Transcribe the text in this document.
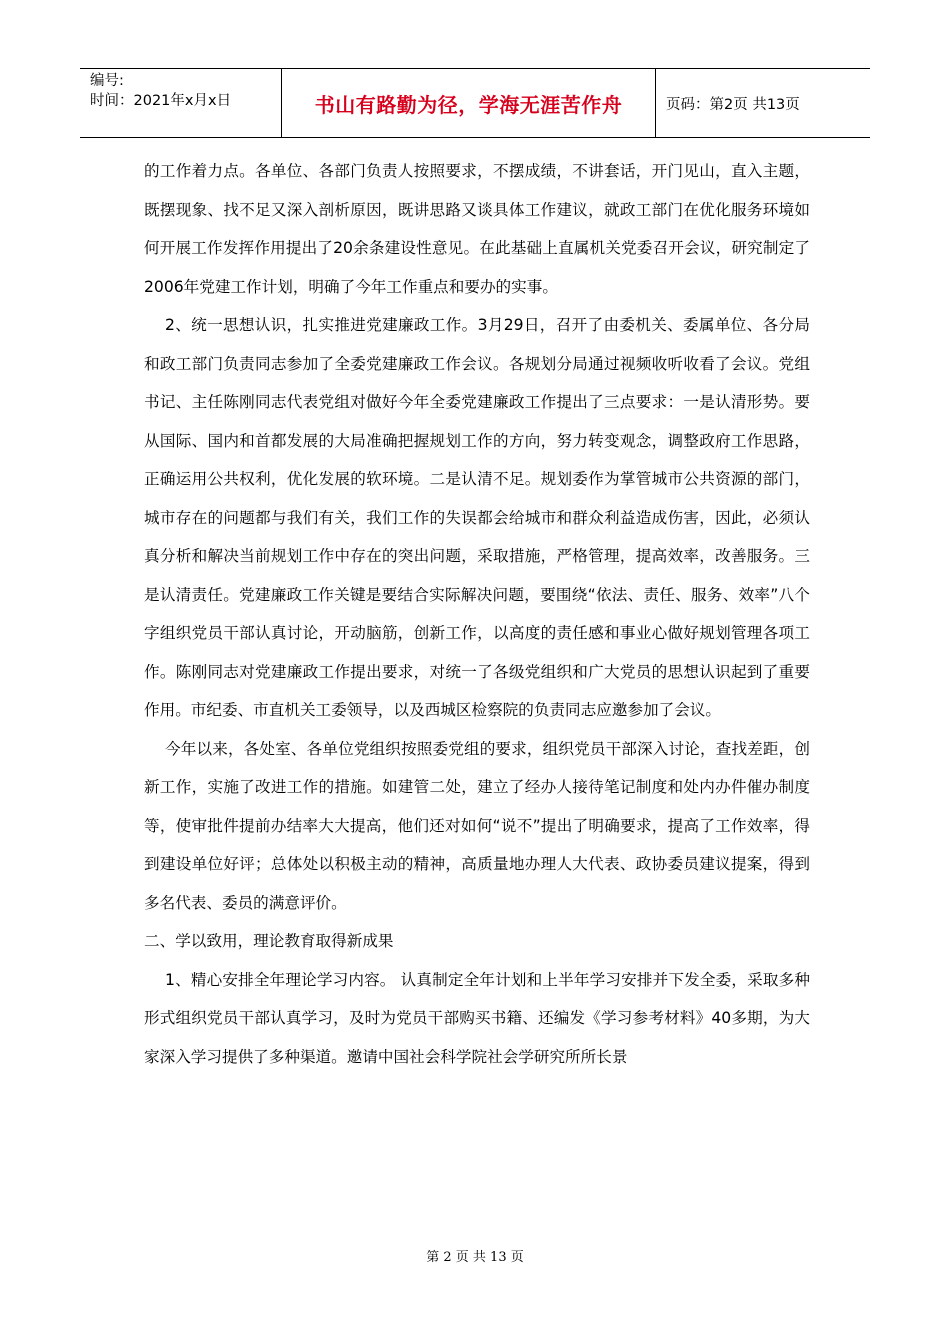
编号:
时间：2021年x月x日	书山有路勤为径，学海无涯苦作舟	页码：第2页 共13页

的工作着力点。各单位、各部门负责人按照要求，不摆成绩，不讲套话，开门见山，直入主题，既摆现象、找不足又深入剖析原因，既讲思路又谈具体工作建议，就政工部门在优化服务环境如何开展工作发挥作用提出了20余条建设性意见。在此基础上直属机关党委召开会议，研究制定了2006年党建工作计划，明确了今年工作重点和要办的实事。

2、统一思想认识，扎实推进党建廉政工作。3月29日，召开了由委机关、委属单位、各分局和政工部门负责同志参加了全委党建廉政工作会议。各规划分局通过视频收听收看了会议。党组书记、主任陈刚同志代表党组对做好今年全委党建廉政工作提出了三点要求：一是认清形势。要从国际、国内和首都发展的大局准确把握规划工作的方向，努力转变观念，调整政府工作思路，正确运用公共权利，优化发展的软环境。二是认清不足。规划委作为掌管城市公共资源的部门，城市存在的问题都与我们有关，我们工作的失误都会给城市和群众利益造成伤害，因此，必须认真分析和解决当前规划工作中存在的突出问题，采取措施，严格管理，提高效率，改善服务。三是认清责任。党建廉政工作关键是要结合实际解决问题，要围绕“依法、责任、服务、效率”八个字组织党员干部认真讨论，开动脑筋，创新工作，以高度的责任感和事业心做好规划管理各项工作。陈刚同志对党建廉政工作提出要求，对统一了各级党组织和广大党员的思想认识起到了重要作用。市纪委、市直机关工委领导，以及西城区检察院的负责同志应邀参加了会议。

今年以来，各处室、各单位党组织按照委党组的要求，组织党员干部深入讨论，查找差距，创新工作，实施了改进工作的措施。如建管二处，建立了经办人接待笔记制度和处内办件催办制度等，使审批件提前办结率大大提高，他们还对如何“说不”提出了明确要求，提高了工作效率，得到建设单位好评；总体处以积极主动的精神，高质量地办理人大代表、政协委员建议提案，得到多名代表、委员的满意评价。

二、学以致用，理论教育取得新成果

1、精心安排全年理论学习内容。 认真制定全年计划和上半年学习安排并下发全委，采取多种形式组织党员干部认真学习，及时为党员干部购买书籍、还编发《学习参考材料》40多期，为大家深入学习提供了多种渠道。邀请中国社会科学院社会学研究所所长景

第 2 页 共 13 页
